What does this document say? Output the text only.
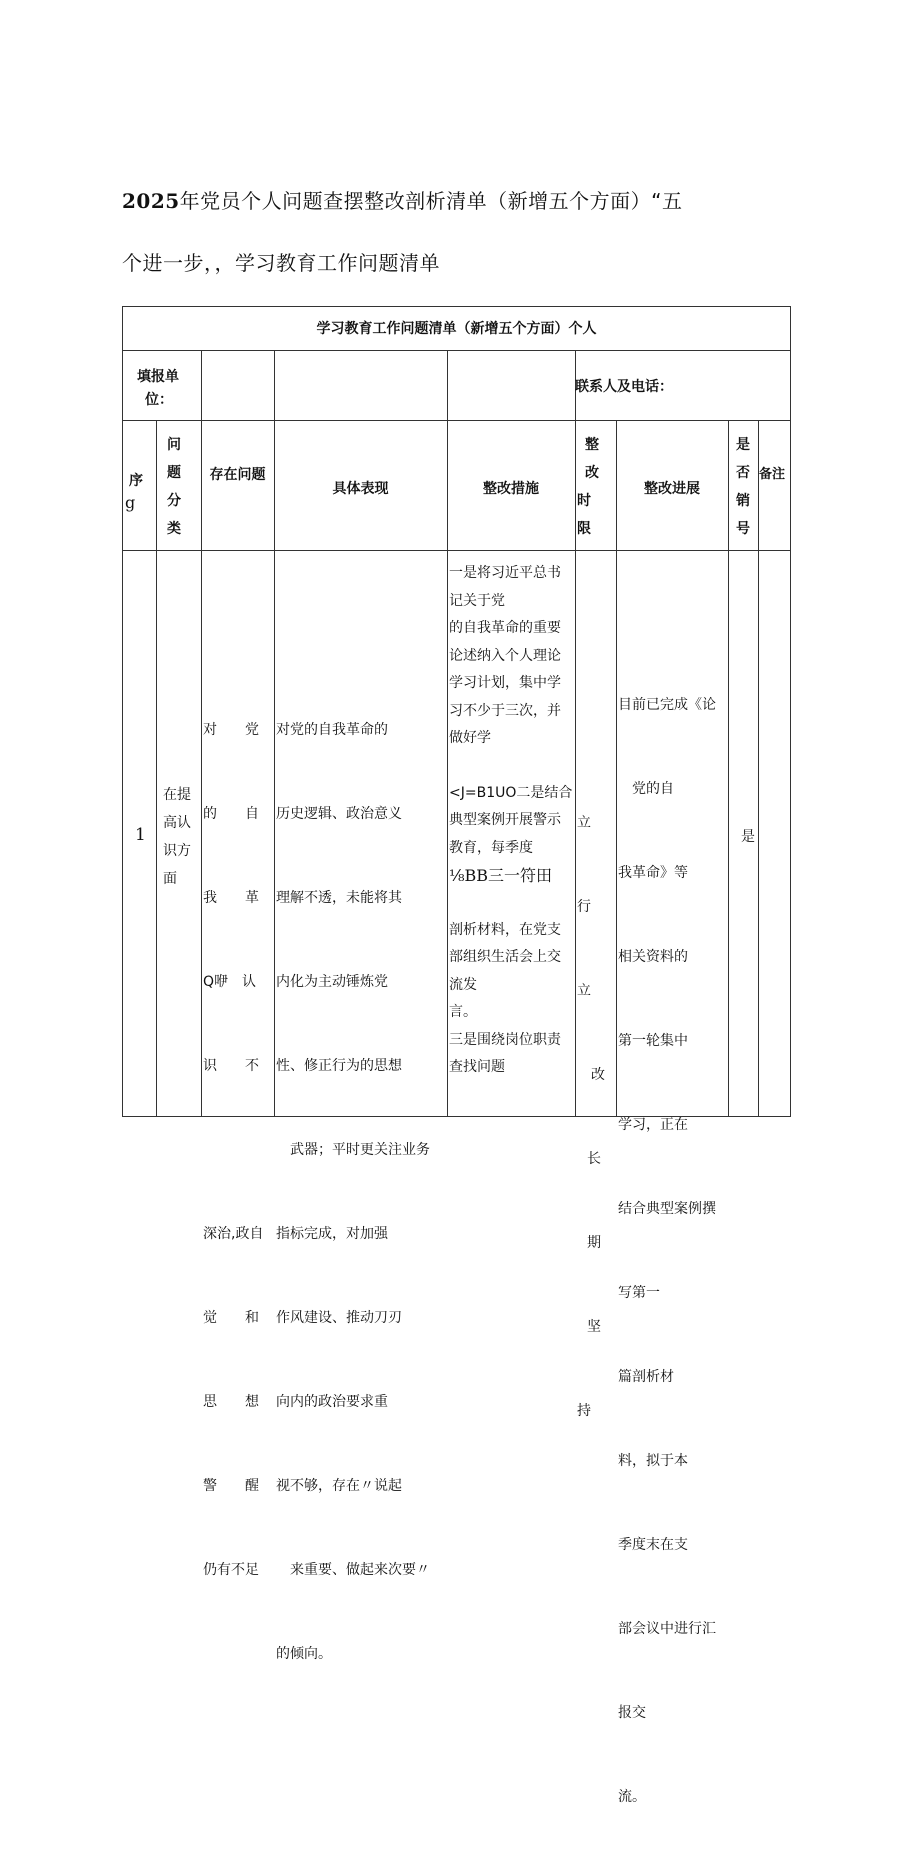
2025年党员个人问题查摆整改剖析清单（新增五个方面）“五
个进一步，，学习教育工作问题清单
学习教育工作问题清单（新增五个方面）个人
填报单
位：
联系人及电话：
序
g
问
题
分
类
存在问题
具体表现	整改措施
整
改
时
限
整改进展
是
否
销
号
备注
1
在提
高认
识方
面

对　　党

的　　自

我　　革

Q咿　认

识　　不

深治,政自

觉　　和

思　　想

警　　醒

仍有不足

对党的自我革命的

历史逻辑、政治意义

理解不透，未能将其

内化为主动锤炼党

性、修正行为的思想

　武器；平时更关注业务

指标完成，对加强

作风建设、推动刀刃

向内的政治要求重

视不够，存在〃说起

　来重要、做起来次要〃

的倾向。

一是将习近平总书
记关于党
的自我革命的重要
论述纳入个人理论
学习计划，集中学
习不少于三次，并
做好学
<J=B1UO二是结合
典型案例开展警示
教育，每季度
⅛BB三一符田
剖析材料，在党支
部组织生活会上交
流发
言。
三是围绕岗位职责
查找问题

立

行

立

　改

长

期

坚

持

目前已完成《论

　党的自

我革命》等

相关资料的

第一轮集中

学习，正在

结合典型案例撰

写第一

篇剖析材

料，拟于本

季度末在支

部会议中进行汇

报交

流。

是
